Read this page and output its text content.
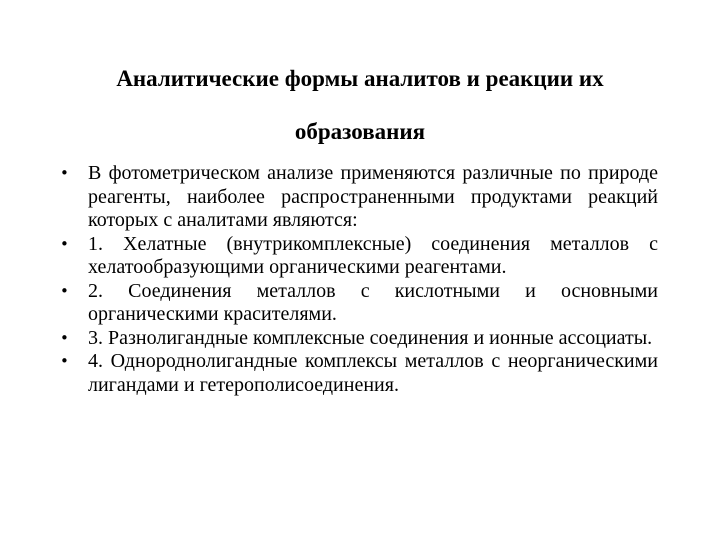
Аналитические формы аналитов и реакции их
образования
• В фотометрическом анализе применяются различные по природе реагенты, наиболее распространенными продуктами реакций которых с аналитами являются:
• 1. Хелатные (внутрикомплексные) соединения металлов с хелатообразующими органическими реагентами.
• 2. Соединения металлов с кислотными и основными органическими красителями.
• 3. Разнолигандные комплексные соединения и ионные ассоциаты.
• 4. Однороднолигандные комплексы металлов с неорганическими лигандами и гетерополисоединения.
